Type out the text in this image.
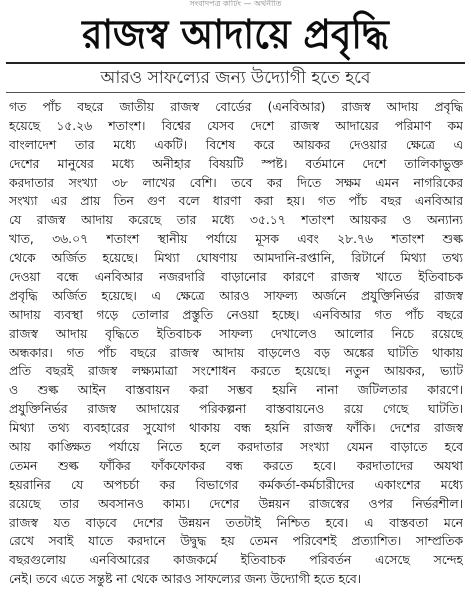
সংবাদপত্র কাটিং — অর্থনীতি
রাজস্ব আদায়ে প্রবৃদ্ধি
আরও সাফল্যের জন্য উদ্যোগী হতে হবে
গত পাঁচ বছরে জাতীয় রাজস্ব বোর্ডের (এনবিআর) রাজস্ব আদায় প্রবৃদ্ধি
হয়েছে ১৫.২৬ শতাংশ। বিশ্বের যেসব দেশে রাজস্ব আদায়ের পরিমাণ কম
বাংলাদেশ তার মধ্যে একটি। বিশেষ করে আয়কর দেওয়ার ক্ষেত্রে এ
দেশের মানুষের মধ্যে অনীহার বিষয়টি স্পষ্ট। বর্তমানে দেশে তালিকাভুক্ত
করদাতার সংখ্যা ৩৮ লাখের বেশি। তবে কর দিতে সক্ষম এমন নাগরিকের
সংখ্যা এর প্রায় তিন গুণ বলে ধারণা করা হয়। গত পাঁচ বছর এনবিআর
যে রাজস্ব আদায় করেছে তার মধ্যে ৩৫.১৭ শতাংশ আয়কর ও অন্যান্য
খাত, ৩৬.০৭ শতাংশ স্থানীয় পর্যায়ে মূসক এবং ২৮.৭৬ শতাংশ শুল্ক
থেকে অর্জিত হয়েছে। মিথ্যা ঘোষণায় আমদানি-রপ্তানি, রিটার্নে মিথ্যা তথ্য
দেওয়া বন্ধে এনবিআর নজরদারি বাড়ানোর কারণে রাজস্ব খাতে ইতিবাচক
প্রবৃদ্ধি অর্জিত হয়েছে। এ ক্ষেত্রে আরও সাফল্য অর্জনে প্রযুক্তিনির্ভর রাজস্ব
আদায় ব্যবস্থা গড়ে তোলার প্রস্তুতি নেওয়া হচ্ছে। এনবিআর গত পাঁচ বছরে
রাজস্ব আদায় বৃদ্ধিতে ইতিবাচক সাফল্য দেখালেও আলোর নিচে রয়েছে
অন্ধকার। গত পাঁচ বছরে রাজস্ব আদায় বাড়লেও বড় অঙ্কের ঘাটতি থাকায়
প্রতি বছরই রাজস্ব লক্ষ্যমাত্রা সংশোধন করতে হয়েছে। নতুন আয়কর, ভ্যাট
ও শুল্ক আইন বাস্তবায়ন করা সম্ভব হয়নি নানা জটিলতার কারণে।
প্রযুক্তিনির্ভর রাজস্ব আদায়ের পরিকল্পনা বাস্তবায়নেও রয়ে গেছে ঘাটতি।
মিথ্যা তথ্য ব্যবহারের সুযোগ থাকায় বন্ধ হয়নি রাজস্ব ফাঁকি। দেশের রাজস্ব
আয় কাঙ্ক্ষিত পর্যায়ে নিতে হলে করদাতার সংখ্যা যেমন বাড়াতে হবে
তেমন শুল্ক ফাঁকির ফাঁকফোকর বন্ধ করতে হবে। করদাতাদের অযথা
হয়রানির যে অপচর্চা কর বিভাগের কর্মকর্তা-কর্মচারীদের একাংশের মধ্যে
রয়েছে তার অবসানও কাম্য। দেশের উন্নয়ন রাজস্বের ওপর নির্ভরশীল।
রাজস্ব যত বাড়বে দেশের উন্নয়ন ততটাই নিশ্চিত হবে। এ বাস্তবতা মনে
রেখে সবাই যাতে করদানে উদ্বুদ্ধ হয় তেমন পরিবেশই প্রত্যাশিত। সাম্প্রতিক
বছরগুলোয় এনবিআরের কাজকর্মে ইতিবাচক পরিবর্তন এসেছে সন্দেহ
নেই। তবে এতে সন্তুষ্ট না থেকে আরও সাফল্যের জন্য উদ্যোগী হতে হবে।
